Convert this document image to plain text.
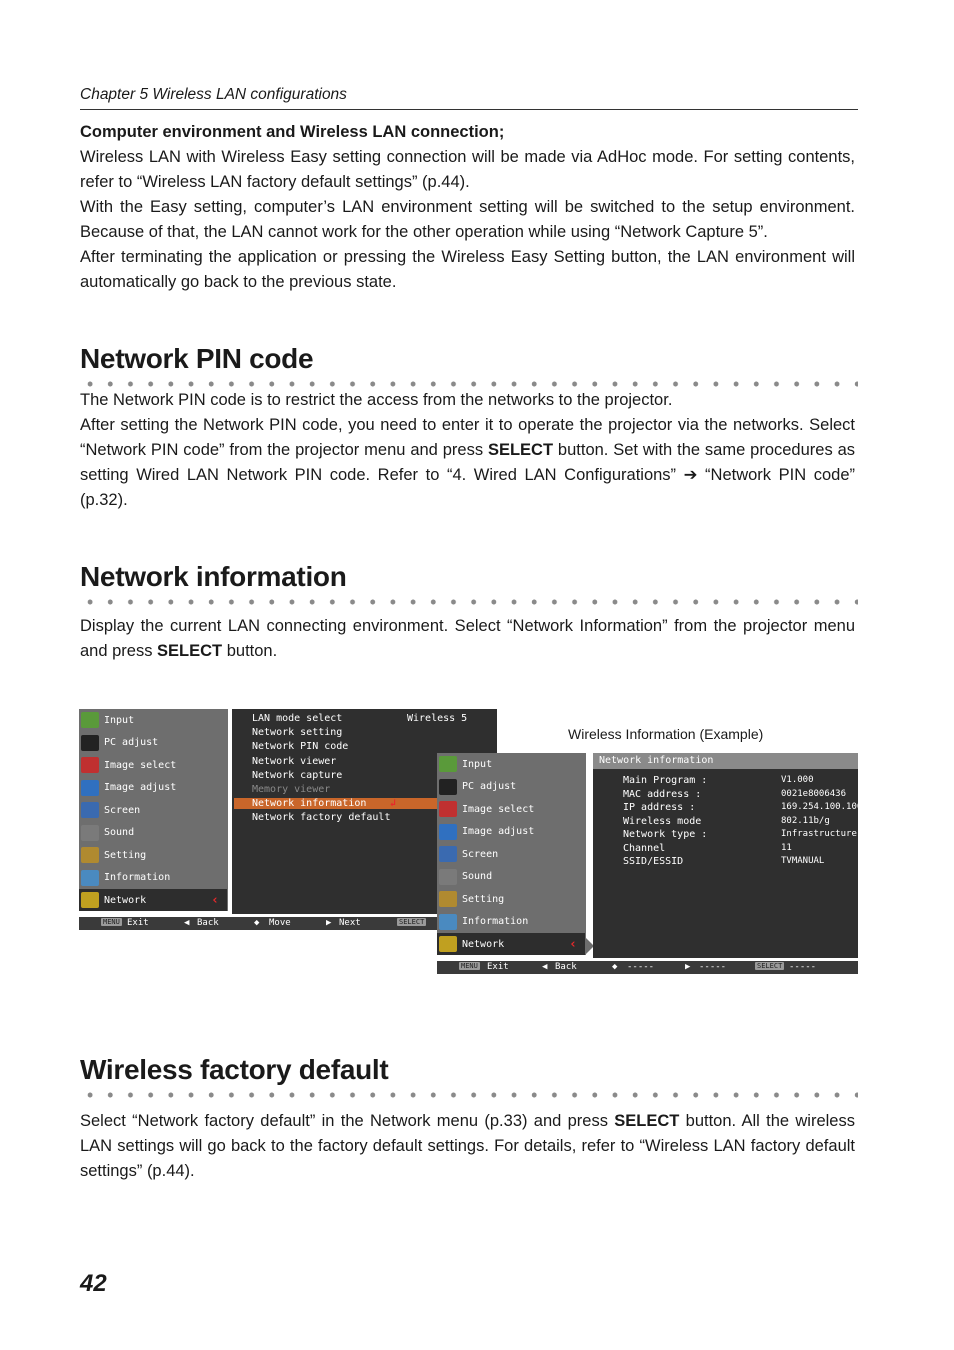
Chapter 5 Wireless LAN configurations

Computer environment and Wireless LAN connection;

Wireless LAN with Wireless Easy setting connection will be made via AdHoc mode. For setting contents, refer to “Wireless LAN factory default settings” (p.44).

With the Easy setting, computer’s LAN environment setting will be switched to the setup environment. Because of that, the LAN cannot work for the other operation while using “Network Capture 5”.

After terminating the application or pressing the Wireless Easy Setting button, the LAN environment will automatically go back to the previous state.

Network PIN code

The Network PIN code is to restrict the access from the networks to the projector.

After setting the Network PIN code, you need to enter it to operate the projector via the networks. Select “Network PIN code” from the projector menu and press SELECT button. Set with the same procedures as setting Wired LAN Network PIN code. Refer to “4. Wired LAN Configurations” ➔ “Network PIN code” (p.32).

Network information

Display the current LAN connecting environment. Select “Network Information” from the projector menu and press SELECT button.

Input
PC adjust
Image select
Image adjust
Screen
Sound
Setting
Information
Network	‹
LAN mode select
Network setting
Network PIN code
Network viewer
Network capture
Memory viewer
Network information
Network factory default
Wireless 5
↲
MENU Exit	◀ Back	◆ Move	▶ Next	SELECT
Input
PC adjust
Image select
Image adjust
Screen
Sound
Setting
Information
Network	‹
Network information
Main Program :	V1.000
MAC address :	0021e8006436
IP address :	169.254.100.100
Wireless mode	802.11b/g
Network type :	Infrastructure
Channel	11
SSID/ESSID	TVMANUAL
MENU Exit	◀ Back	◆ -----	▶ -----	SELECT -----
Wireless Information (Example)
Wireless factory default

Select “Network factory default” in the Network menu (p.33) and press SELECT button. All the wireless LAN settings will go back to the factory default settings. For details, refer to “Wireless LAN factory default settings” (p.44).

42
